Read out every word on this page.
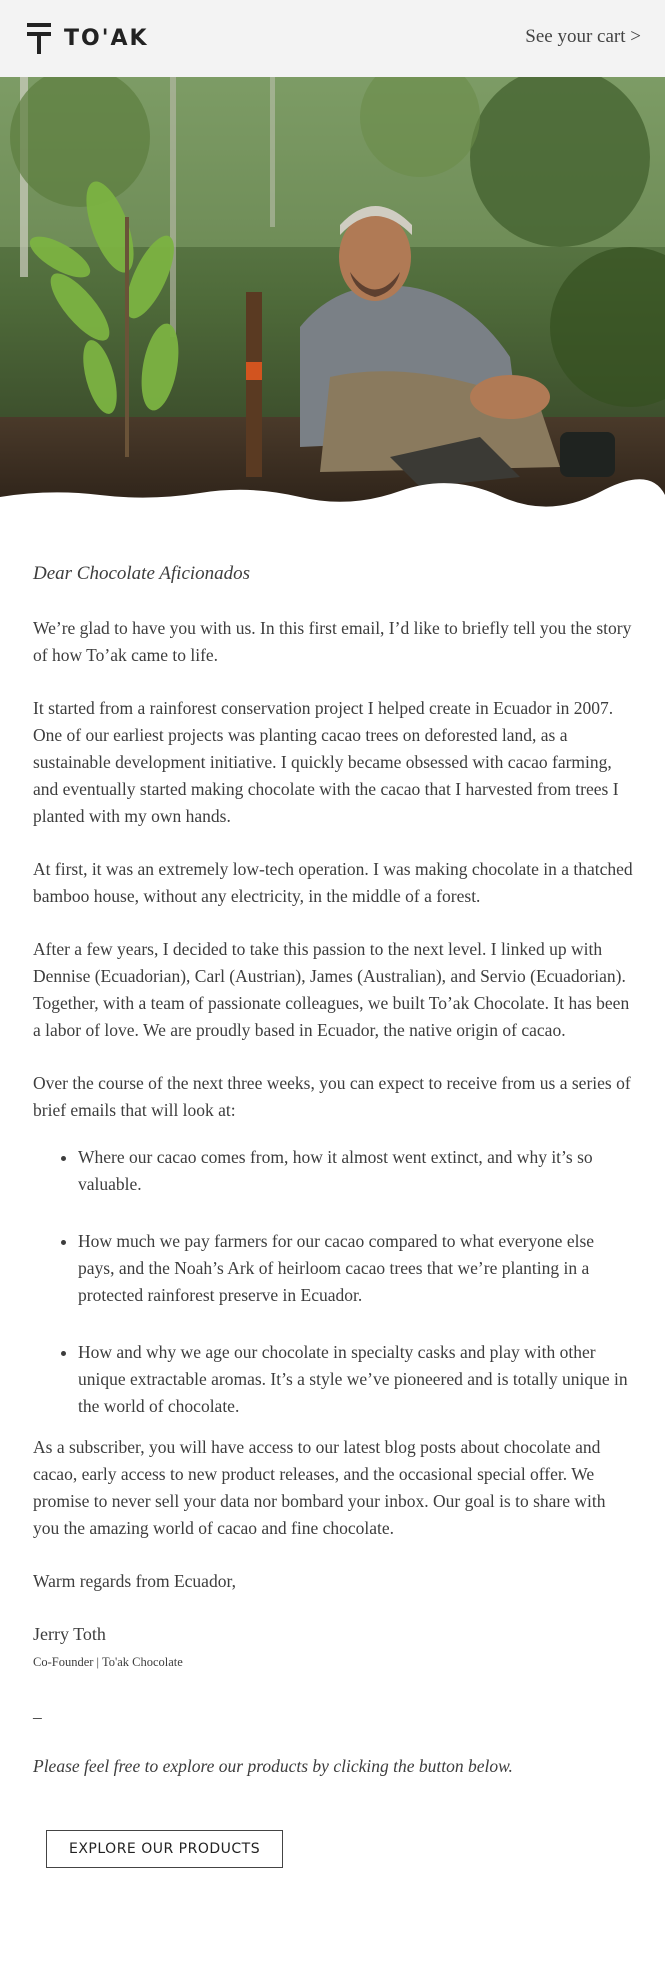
TO'AK	See your cart >

Dear Chocolate Aficionados

We’re glad to have you with us. In this first email, I’d like to briefly tell you the story of how To’ak came to life.

It started from a rainforest conservation project I helped create in Ecuador in 2007. One of our earliest projects was planting cacao trees on deforested land, as a sustainable development initiative. I quickly became obsessed with cacao farming, and eventually started making chocolate with the cacao that I harvested from trees I planted with my own hands.

At first, it was an extremely low-tech operation. I was making chocolate in a thatched bamboo house, without any electricity, in the middle of a forest.

After a few years, I decided to take this passion to the next level. I linked up with Dennise (Ecuadorian), Carl (Austrian), James (Australian), and Servio (Ecuadorian). Together, with a team of passionate colleagues, we built To’ak Chocolate. It has been a labor of love. We are proudly based in Ecuador, the native origin of cacao.

Over the course of the next three weeks, you can expect to receive from us a series of brief emails that will look at:

• Where our cacao comes from, how it almost went extinct, and why it’s so valuable.
• How much we pay farmers for our cacao compared to what everyone else pays, and the Noah’s Ark of heirloom cacao trees that we’re planting in a protected rainforest preserve in Ecuador.
• How and why we age our chocolate in specialty casks and play with other unique extractable aromas. It’s a style we’ve pioneered and is totally unique in the world of chocolate.

As a subscriber, you will have access to our latest blog posts about chocolate and cacao, early access to new product releases, and the occasional special offer. We promise to never sell your data nor bombard your inbox. Our goal is to share with you the amazing world of cacao and fine chocolate.

Warm regards from Ecuador,

Jerry Toth

Co-Founder | To'ak Chocolate

–

Please feel free to explore our products by clicking the button below.

EXPLORE OUR PRODUCTS
